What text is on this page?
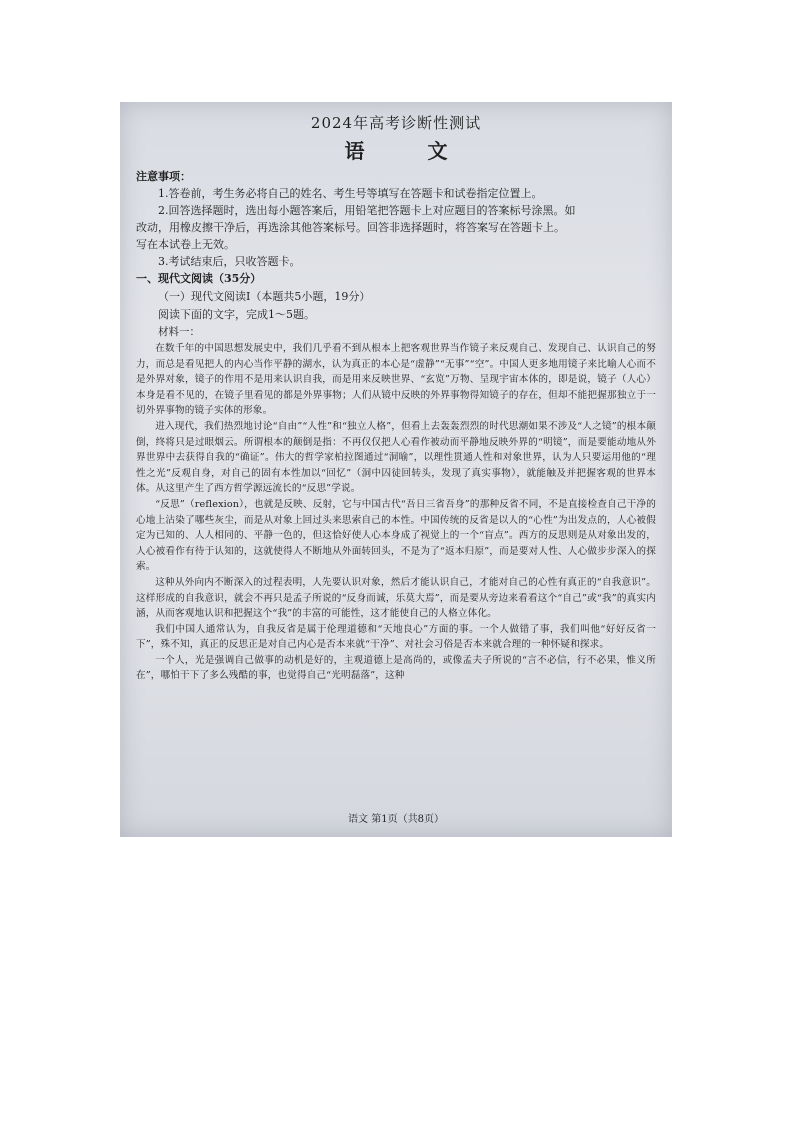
2024年高考诊断性测试
语 文
注意事项：
1.答卷前，考生务必将自己的姓名、考生号等填写在答题卡和试卷指定位置上。
2.回答选择题时，选出每小题答案后，用铅笔把答题卡上对应题目的答案标号涂黑。如
改动，用橡皮擦干净后，再选涂其他答案标号。回答非选择题时，将答案写在答题卡上。
写在本试卷上无效。
3.考试结束后，只收答题卡。
一、现代文阅读（35分）
（一）现代文阅读Ⅰ（本题共5小题，19分）
阅读下面的文字，完成1～5题。
材料一：

在数千年的中国思想发展史中，我们几乎看不到从根本上把客观世界当作镜子来反观自己、发现自己、认识自己的努力，而总是看见把人的内心当作平静的湖水，认为真正的本心是“虚静”“无事”“空”。中国人更多地用镜子来比喻人心而不是外界对象，镜子的作用不是用来认识自我，而是用来反映世界、“玄览”万物、呈现宇宙本体的，即是说，镜子（人心）本身是看不见的，在镜子里看见的都是外界事物；人们从镜中反映的外界事物得知镜子的存在，但却不能把握那独立于一切外界事物的镜子实体的形象。

进入现代，我们热烈地讨论“自由”“人性”和“独立人格”，但看上去轰轰烈烈的时代思潮如果不涉及“人之镜”的根本颠倒，终将只是过眼烟云。所谓根本的颠倒是指：不再仅仅把人心看作被动而平静地反映外界的“明镜”，而是要能动地从外界世界中去获得自我的“确证”。伟大的哲学家柏拉图通过“洞喻”，以理性贯通人性和对象世界，认为人只要运用他的“理性之光”反观自身，对自己的固有本性加以“回忆”（洞中囚徒回转头，发现了真实事物），就能触及并把握客观的世界本体。从这里产生了西方哲学源远流长的“反思”学说。

“反思”（reflexion），也就是反映、反射，它与中国古代“吾日三省吾身”的那种反省不同，不是直接检查自己干净的心地上沾染了哪些灰尘，而是从对象上回过头来思索自己的本性。中国传统的反省是以人的“心性”为出发点的，人心被假定为已知的、人人相同的、平静一色的，但这恰好使人心本身成了视觉上的一个“盲点”。西方的反思则是从对象出发的，人心被看作有待于认知的，这就使得人不断地从外面转回头，不是为了“返本归原”，而是要对人性、人心做步步深入的探索。

这种从外向内不断深入的过程表明，人先要认识对象，然后才能认识自己，才能对自己的心性有真正的“自我意识”。这样形成的自我意识，就会不再只是孟子所说的“反身而诚，乐莫大焉”，而是要从旁边来看看这个“自己”或“我”的真实内涵，从而客观地认识和把握这个“我”的丰富的可能性，这才能使自己的人格立体化。

我们中国人通常认为，自我反省是属于伦理道德和“天地良心”方面的事。一个人做错了事，我们叫他“好好反省一下”，殊不知，真正的反思正是对自己内心是否本来就“干净”、对社会习俗是否本来就合理的一种怀疑和探求。

一个人，光是强调自己做事的动机是好的，主观道德上是高尚的，或像孟夫子所说的“言不必信，行不必果，惟义所在”，哪怕干下了多么残酷的事，也觉得自己“光明磊落”，这种

语文 第1页（共8页）
